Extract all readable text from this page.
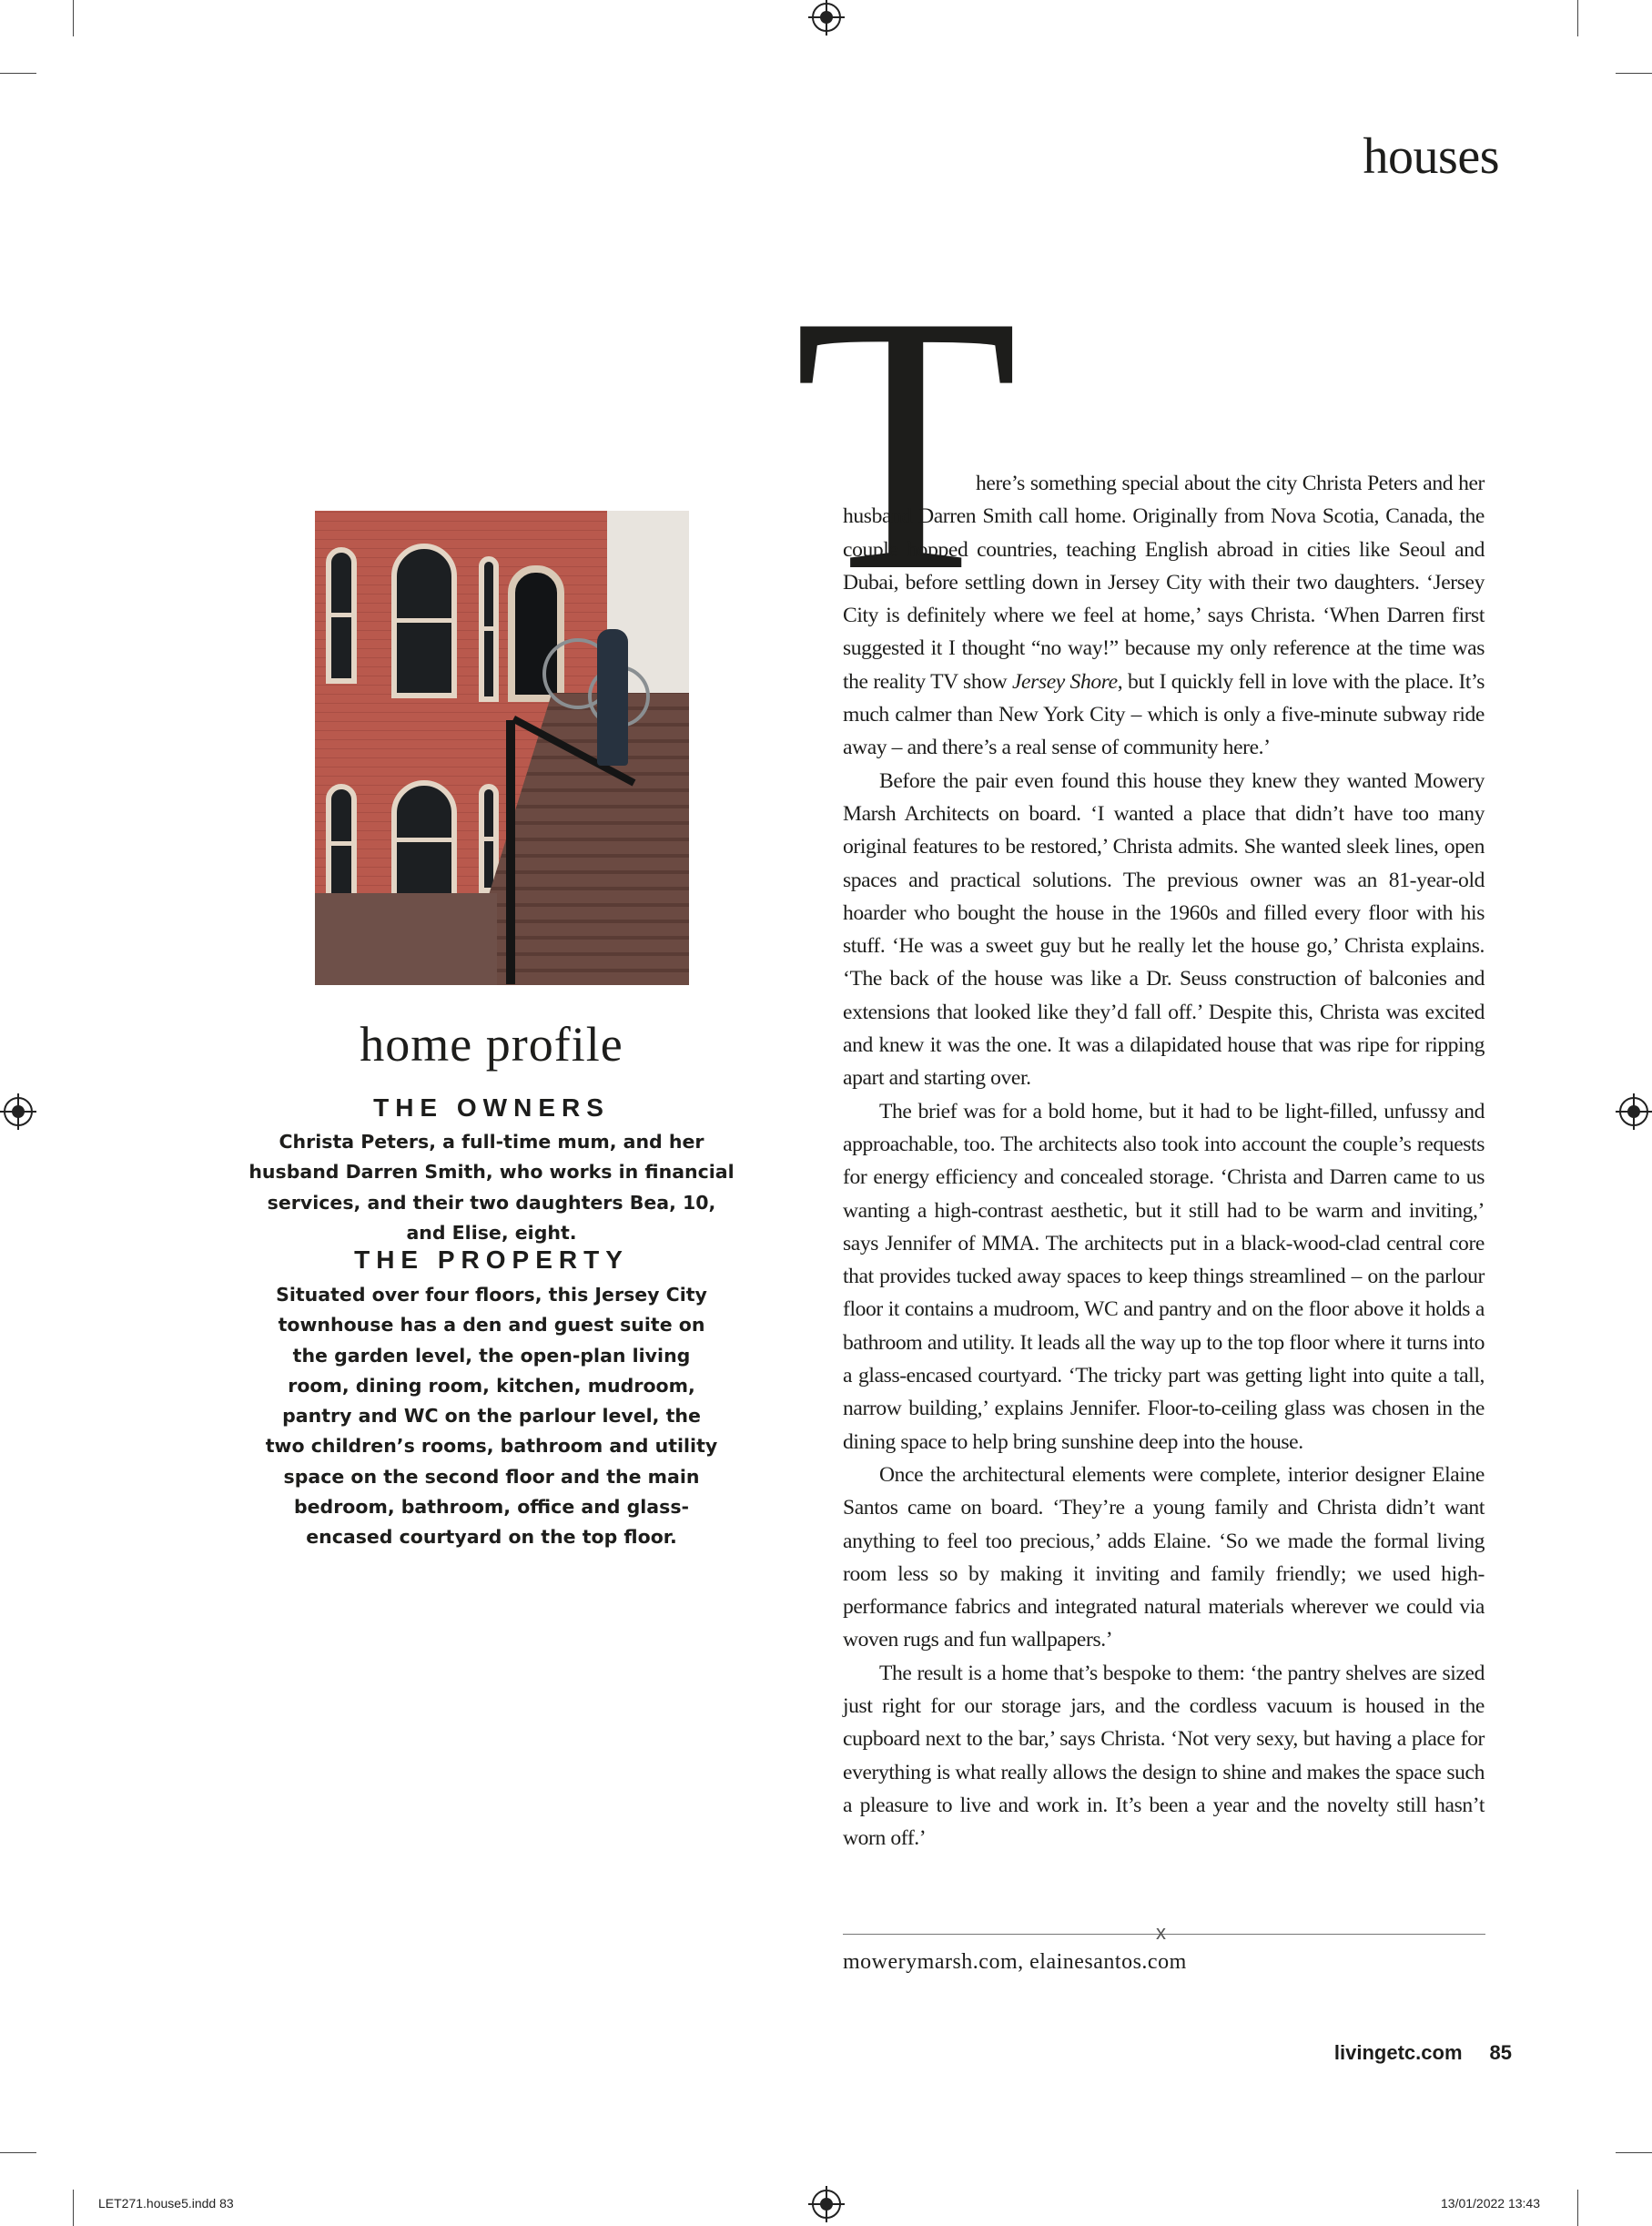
houses
home profile
THE OWNERS

Christa Peters, a full-time mum, and her husband Darren Smith, who works in financial services, and their two daughters Bea, 10, and Elise, eight.

THE PROPERTY

Situated over four floors, this Jersey City townhouse has a den and guest suite on the garden level, the open-plan living room, dining room, kitchen, mudroom, pantry and WC on the parlour level, the two children’s rooms, bathroom and utility space on the second floor and the main bedroom, bathroom, office and glass-encased courtyard on the top floor.

T

here’s something special about the city Christa Peters and her husband Darren Smith call home. Originally from Nova Scotia, Canada, the couple hopped countries, teaching English abroad in cities like Seoul and Dubai, before settling down in Jersey City with their two daughters. ‘Jersey City is definitely where we feel at home,’ says Christa. ‘When Darren first suggested it I thought “no way!” because my only reference at the time was the reality TV show Jersey Shore, but I quickly fell in love with the place. It’s much calmer than New York City – which is only a five-minute subway ride away – and there’s a real sense of community here.’

Before the pair even found this house they knew they wanted Mowery Marsh Architects on board. ‘I wanted a place that didn’t have too many original features to be restored,’ Christa admits. She wanted sleek lines, open spaces and practical solutions. The previous owner was an 81-year-old hoarder who bought the house in the 1960s and filled every floor with his stuff. ‘He was a sweet guy but he really let the house go,’ Christa explains. ‘The back of the house was like a Dr. Seuss construction of balconies and extensions that looked like they’d fall off.’ Despite this, Christa was excited and knew it was the one. It was a dilapidated house that was ripe for ripping apart and starting over.

The brief was for a bold home, but it had to be light-filled, unfussy and approachable, too. The architects also took into account the couple’s requests for energy efficiency and concealed storage. ‘Christa and Darren came to us wanting a high-contrast aesthetic, but it still had to be warm and inviting,’ says Jennifer of MMA. The architects put in a black-wood-clad central core that provides tucked away spaces to keep things streamlined – on the parlour floor it contains a mudroom, WC and pantry and on the floor above it holds a bathroom and utility. It leads all the way up to the top floor where it turns into a glass-encased courtyard. ‘The tricky part was getting light into quite a tall, narrow building,’ explains Jennifer. Floor-to-ceiling glass was chosen in the dining space to help bring sunshine deep into the house.

Once the architectural elements were complete, interior designer Elaine Santos came on board. ‘They’re a young family and Christa didn’t want anything to feel too precious,’ adds Elaine. ‘So we made the formal living room less so by making it inviting and family friendly; we used high-performance fabrics and integrated natural materials wherever we could via woven rugs and fun wallpapers.’

The result is a home that’s bespoke to them: ‘the pantry shelves are sized just right for our storage jars, and the cordless vacuum is housed in the cupboard next to the bar,’ says Christa. ‘Not very sexy, but having a place for everything is what really allows the design to shine and makes the space such a pleasure to live and work in. It’s been a year and the novelty still hasn’t worn off.’

x
mowerymarsh.com, elainesantos.com
livingetc.com 85
LET271.house5.indd 83	13/01/2022 13:43
